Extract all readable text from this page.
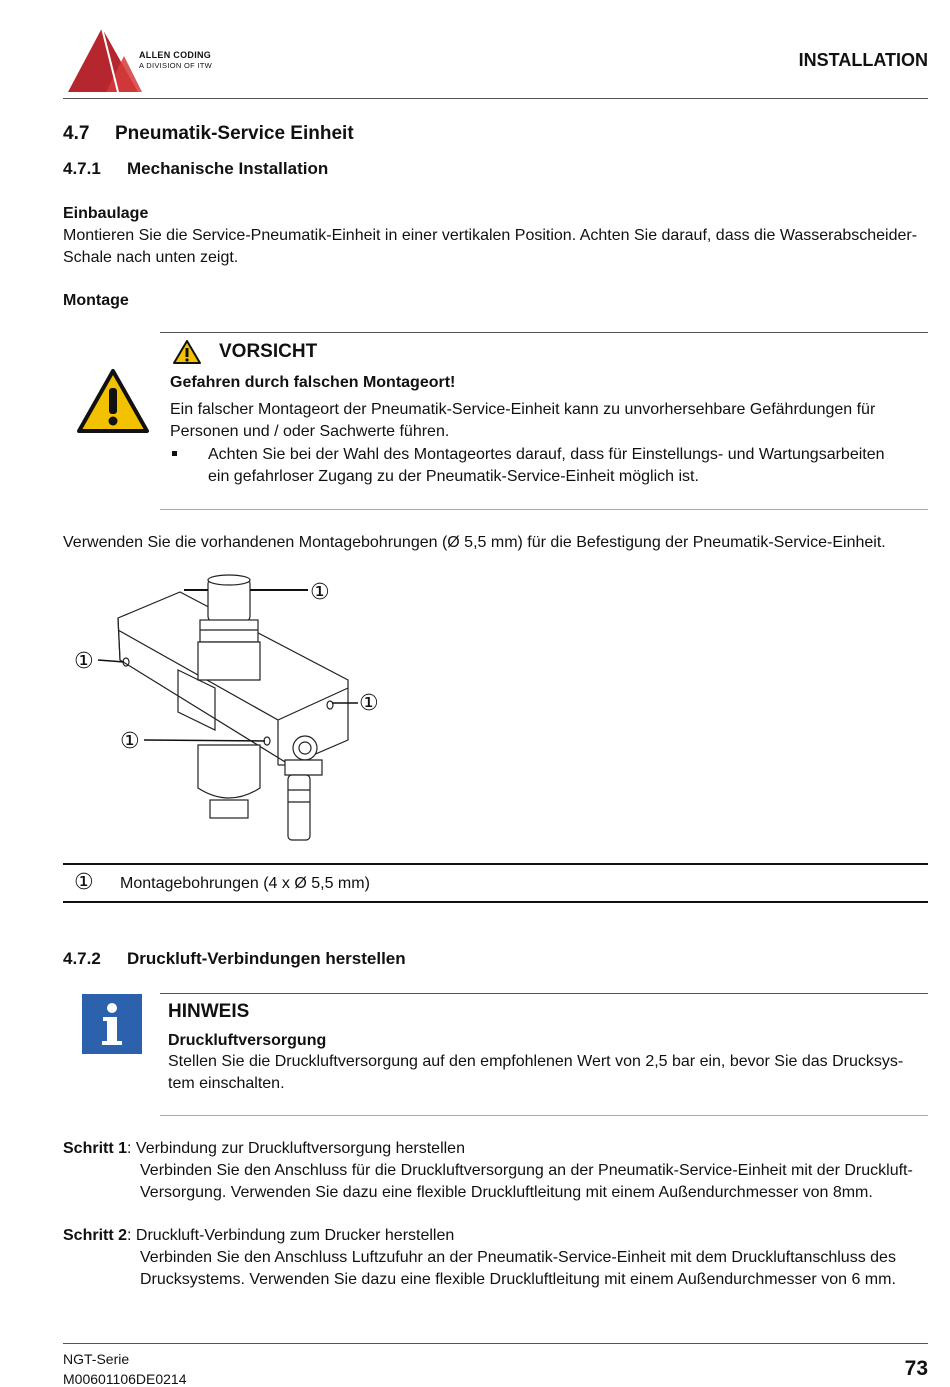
ALLEN CODING
A DIVISION OF ITW	INSTALLATION
4.7 Pneumatik-Service Einheit
4.7.1 Mechanische Installation
Einbaulage
Montieren Sie die Service-Pneumatik-Einheit in einer vertikalen Position. Achten Sie darauf, dass die Wasserabscheider-
Schale nach unten zeigt.
Montage
VORSICHT
Gefahren durch falschen Montageort!
Ein falscher Montageort der Pneumatik-Service-Einheit kann zu unvorhersehbare Gefährdungen für
Personen und / oder Sachwerte führen.
Achten Sie bei der Wahl des Montageortes darauf, dass für Einstellungs- und Wartungsarbeiten
ein gefahrloser Zugang zu der Pneumatik-Service-Einheit möglich ist.
Verwenden Sie die vorhandenen Montagebohrungen (Ø 5,5 mm) für die Befestigung der Pneumatik-Service-Einheit.
①
①
①
①
① Montagebohrungen (4 x Ø 5,5 mm)
4.7.2 Druckluft-Verbindungen herstellen
HINWEIS
Druckluftversorgung
Stellen Sie die Druckluftversorgung auf den empfohlenen Wert von 2,5 bar ein, bevor Sie das Drucksys-
tem einschalten.
Schritt 1: Verbindung zur Druckluftversorgung herstellen
Verbinden Sie den Anschluss für die Druckluftversorgung an der Pneumatik-Service-Einheit mit der Druckluft-
Versorgung. Verwenden Sie dazu eine flexible Druckluftleitung mit einem Außendurchmesser von 8mm.
Schritt 2: Druckluft-Verbindung zum Drucker herstellen
Verbinden Sie den Anschluss Luftzufuhr an der Pneumatik-Service-Einheit mit dem Druckluftanschluss des
Drucksystems. Verwenden Sie dazu eine flexible Druckluftleitung mit einem Außendurchmesser von 6 mm.
NGT-Serie
M00601106DE0214	73
